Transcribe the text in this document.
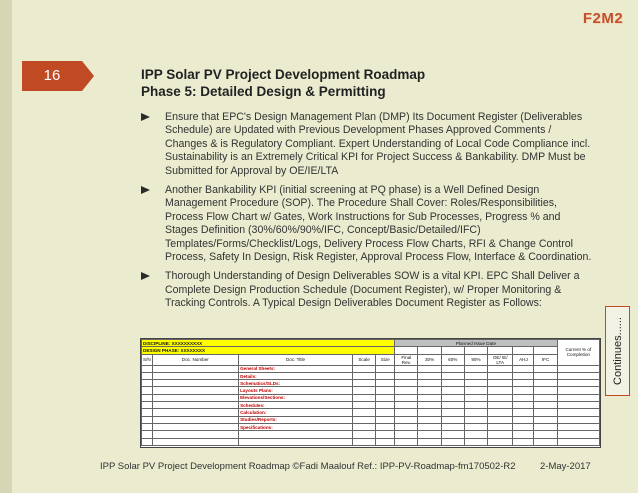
F2M2
16	IPP Solar PV Project Development Roadmap
Phase 5: Detailed Design & Permitting
Ensure that EPC's Design Management Plan (DMP) Its Document Register (Deliverables Schedule) are Updated with Previous Development Phases Approved Comments / Changes & is Regulatory Compliant. Expert Understanding of Local Code Compliance incl. Sustainability is an Extremely Critical KPI for Project Success & Bankability. DMP Must be Submitted for Approval by OE/IE/LTA
Another Bankability KPI (initial screening at PQ phase) is a Well Defined Design Management Procedure (SOP). The Procedure Shall Cover: Roles/Responsibilities, Process Flow Chart w/ Gates, Work Instructions for Sub Processes, Progress % and Stages Definition (30%/60%/90%/IFC, Concept/Basic/Detailed/IFC) Templates/Forms/Checklist/Logs, Delivery Process Flow Charts, RFI & Change Control Process, Safety In Design, Risk Register, Approval Process Flow, Interface & Coordination.
Thorough Understanding of Design Deliverables SOW is a vital KPI. EPC Shall Deliver a Complete Design Production Schedule (Document Register), w/ Proper Monitoring & Tracking Controls. A Typical Design Deliverables Document Register as Follows:
Continues......
DISCIPLINE: XXXXXXXXXX					Planned Issue Date							Current % of Completion
DESIGN PHASE: XXXXXXXX												
S/N	Doc. Number	Doc. Title	Scale	Size	Final Rev.	30%	60%	90%	OE/ IE/ LTA	AHJ	IFC	

		General Sheets:										
		Details:										
		Schematics/SLDs:										
		Layouts Plans:										
		Elevations/Sections:										
		Schedules:										
		Calculation:										
		Studies/Reports:										
		Specifications:										

IPP Solar PV Project Development Roadmap ©Fadi Maalouf Ref.: IPP-PV-Roadmap-fm170502-R2	2-May-2017
